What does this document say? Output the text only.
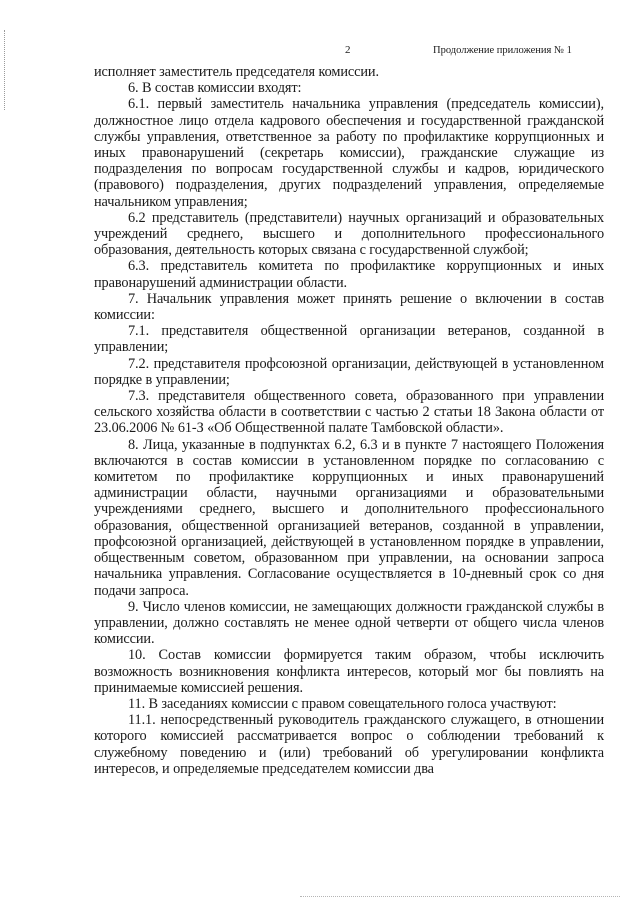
2	Продолжение приложения № 1

исполняет заместитель председателя комиссии.

6. В состав комиссии входят:

6.1. первый заместитель начальника управления (председатель комиссии), должностное лицо отдела кадрового обеспечения и государственной гражданской службы управления, ответственное за работу по профилактике коррупционных и иных правонарушений (секретарь комиссии), гражданские служащие из подразделения по вопросам государственной службы и кадров, юридического (правового) подразделения, других подразделений управления, определяемые начальником управления;

6.2 представитель (представители) научных организаций и образовательных учреждений среднего, высшего и дополнительного профессионального образования, деятельность которых связана с государственной службой;

6.3. представитель комитета по профилактике коррупционных и иных правонарушений администрации области.

7. Начальник управления может принять решение о включении в состав комиссии:

7.1. представителя общественной организации ветеранов, созданной в управлении;

7.2. представителя профсоюзной организации, действующей в установленном порядке в управлении;

7.3. представителя общественного совета, образованного при управлении сельского хозяйства области в соответствии с частью 2 статьи 18 Закона области от 23.06.2006 № 61-З «Об Общественной палате Тамбовской области».

8. Лица, указанные в подпунктах 6.2, 6.3 и в пункте 7 настоящего Положения включаются в состав комиссии в установленном порядке по согласованию с комитетом по профилактике коррупционных и иных правонарушений администрации области, научными организациями и образовательными учреждениями среднего, высшего и дополнительного профессионального образования, общественной организацией ветеранов, созданной в управлении, профсоюзной организацией, действующей в установленном порядке в управлении, общественным советом, образованном при управлении, на основании запроса начальника управления. Согласование осуществляется в 10-дневный срок со дня подачи запроса.

9. Число членов комиссии, не замещающих должности гражданской службы в управлении, должно составлять не менее одной четверти от общего числа членов комиссии.

10. Состав комиссии формируется таким образом, чтобы исключить возможность возникновения конфликта интересов, который мог бы повлиять на принимаемые комиссией решения.

11. В заседаниях комиссии с правом совещательного голоса участвуют:

11.1. непосредственный руководитель гражданского служащего, в отношении которого комиссией рассматривается вопрос о соблюдении требований к служебному поведению и (или) требований об урегулировании конфликта интересов, и определяемые председателем комиссии два
